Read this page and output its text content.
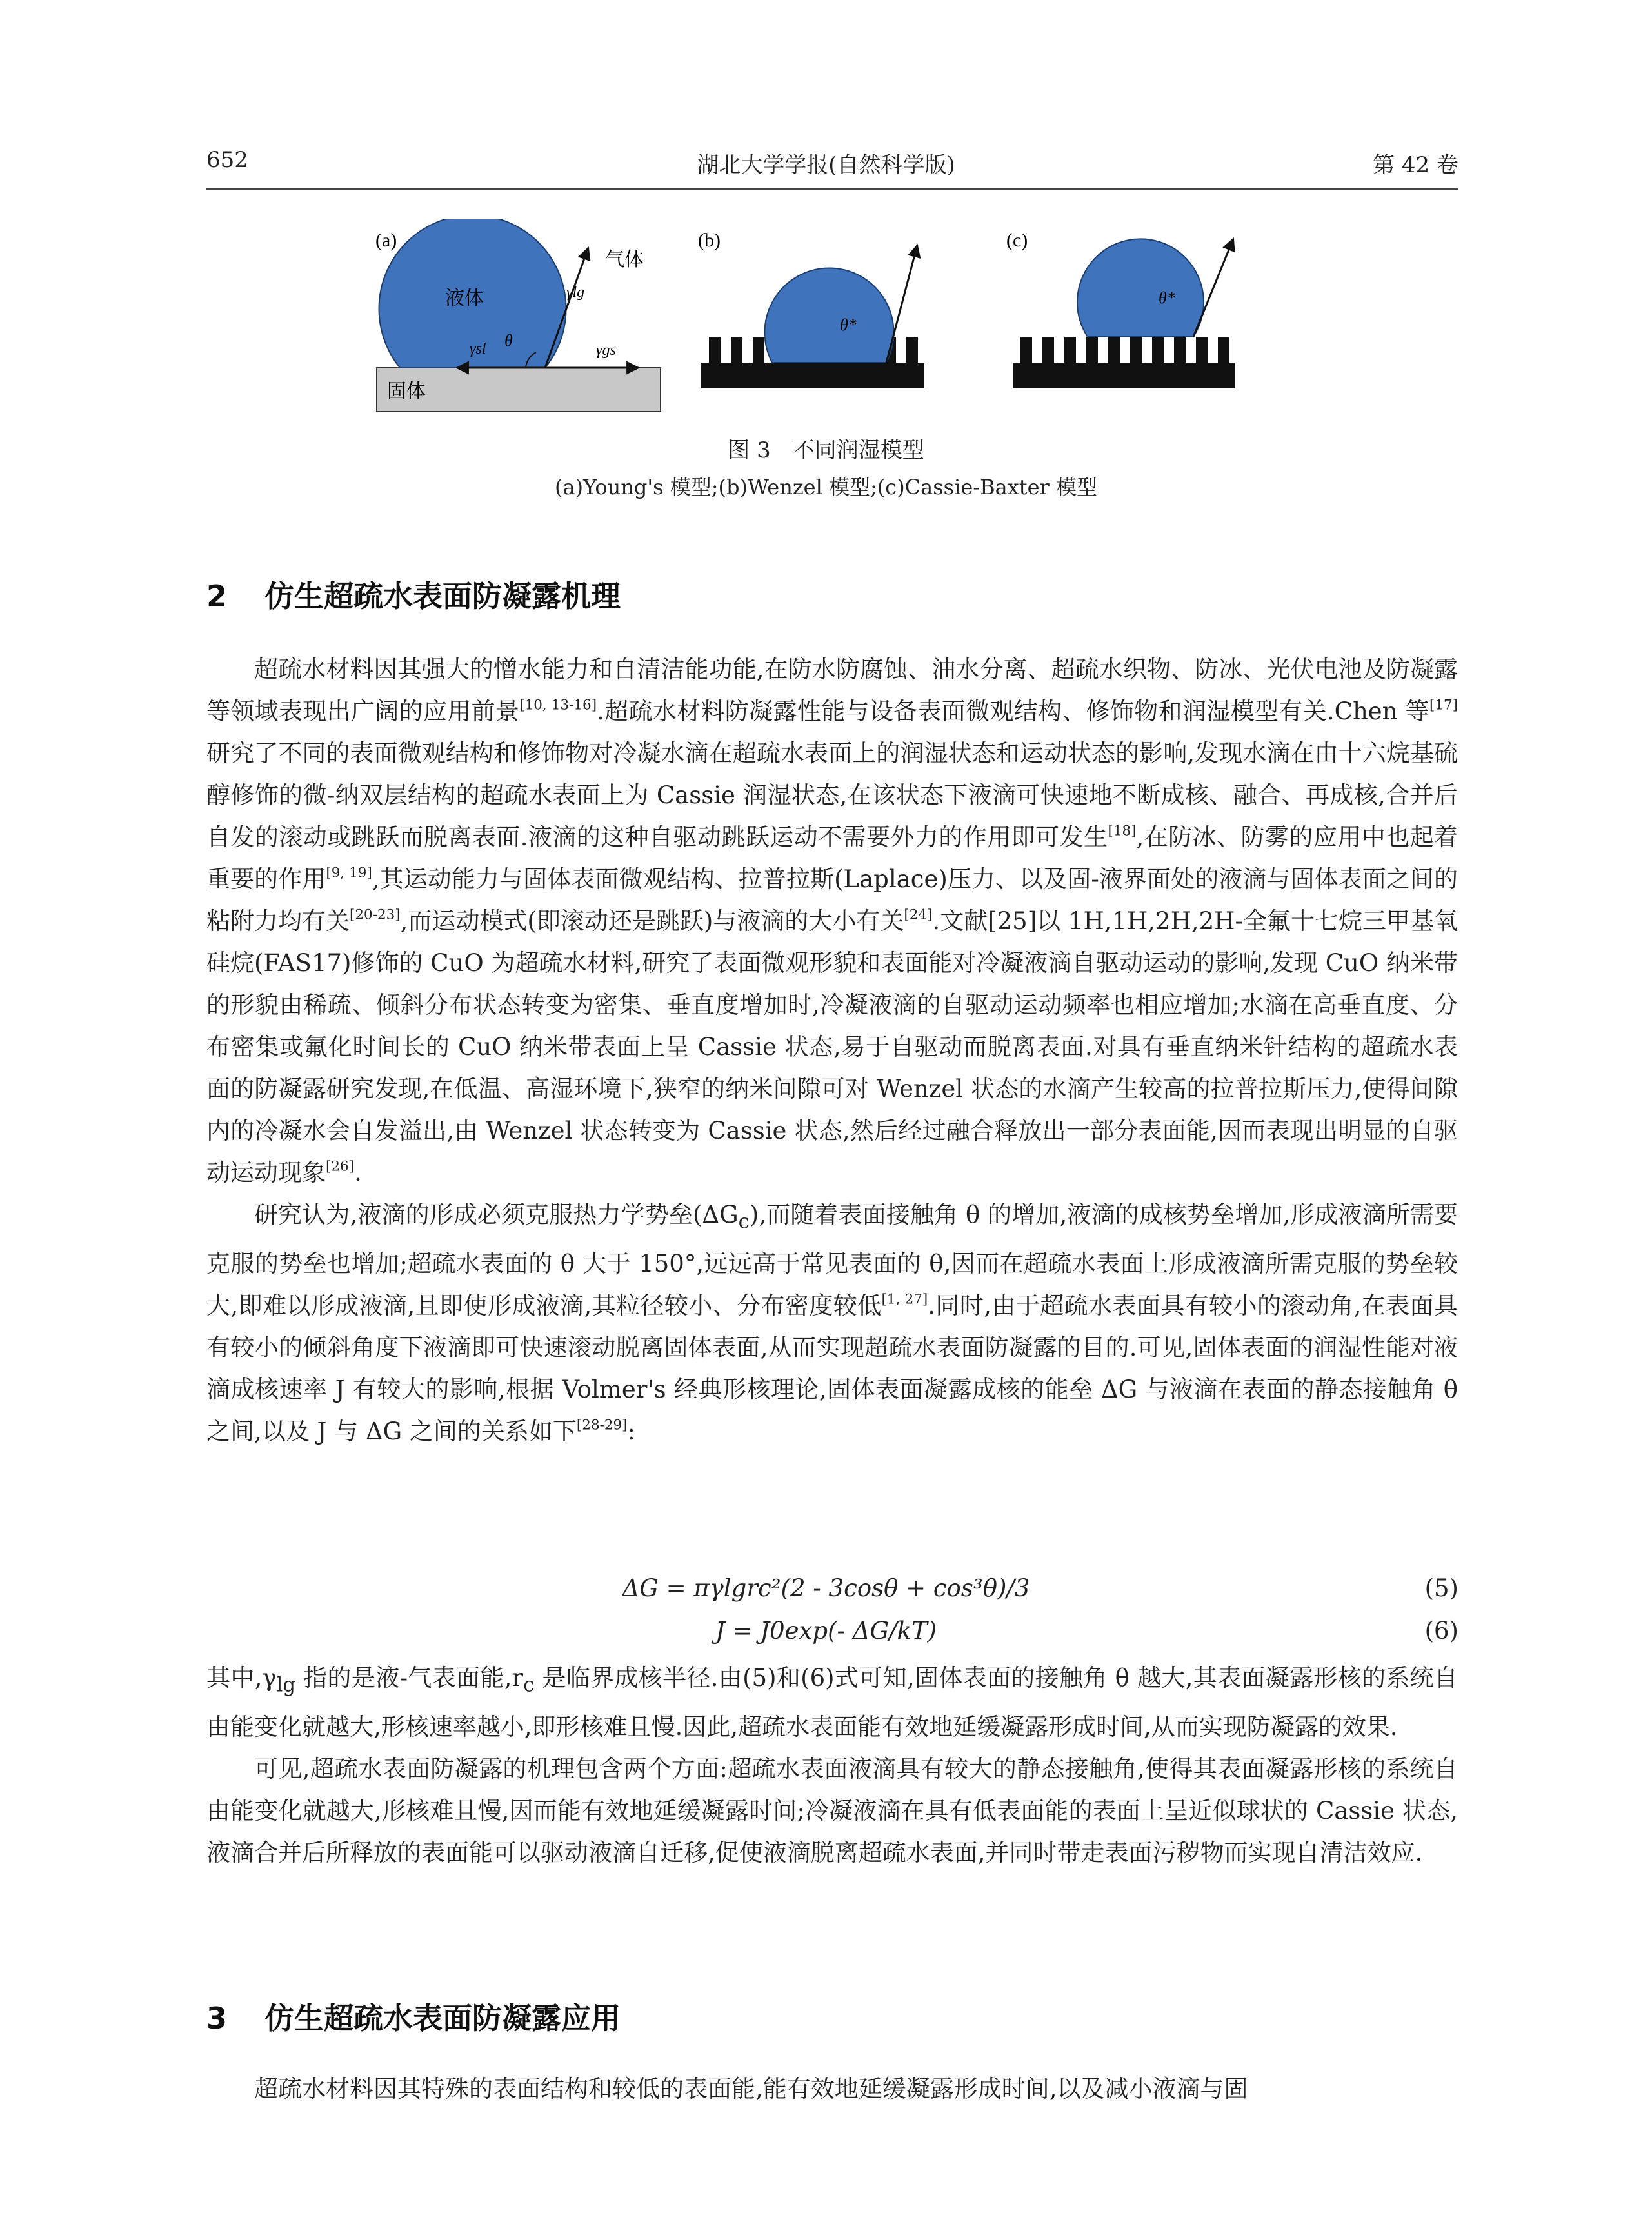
652	湖北大学学报(自然科学版)	第 42 卷
(a)
液体
气体
固体
γlg
γsl	γgs
θ
(b)
θ*
(c)
θ*
图 3　不同润湿模型
(a)Young's 模型;(b)Wenzel 模型;(c)Cassie-Baxter 模型
2 仿生超疏水表面防凝露机理

超疏水材料因其强大的憎水能力和自清洁能功能,在防水防腐蚀、油水分离、超疏水织物、防冰、光伏电池及防凝露等领域表现出广阔的应用前景[10, 13-16].超疏水材料防凝露性能与设备表面微观结构、修饰物和润湿模型有关.Chen 等[17]研究了不同的表面微观结构和修饰物对冷凝水滴在超疏水表面上的润湿状态和运动状态的影响,发现水滴在由十六烷基硫醇修饰的微-纳双层结构的超疏水表面上为 Cassie 润湿状态,在该状态下液滴可快速地不断成核、融合、再成核,合并后自发的滚动或跳跃而脱离表面.液滴的这种自驱动跳跃运动不需要外力的作用即可发生[18],在防冰、防雾的应用中也起着重要的作用[9, 19],其运动能力与固体表面微观结构、拉普拉斯(Laplace)压力、以及固-液界面处的液滴与固体表面之间的粘附力均有关[20-23],而运动模式(即滚动还是跳跃)与液滴的大小有关[24].文献[25]以 1H,1H,2H,2H-全氟十七烷三甲基氧硅烷(FAS17)修饰的 CuO 为超疏水材料,研究了表面微观形貌和表面能对冷凝液滴自驱动运动的影响,发现 CuO 纳米带的形貌由稀疏、倾斜分布状态转变为密集、垂直度增加时,冷凝液滴的自驱动运动频率也相应增加;水滴在高垂直度、分布密集或氟化时间长的 CuO 纳米带表面上呈 Cassie 状态,易于自驱动而脱离表面.对具有垂直纳米针结构的超疏水表面的防凝露研究发现,在低温、高湿环境下,狭窄的纳米间隙可对 Wenzel 状态的水滴产生较高的拉普拉斯压力,使得间隙内的冷凝水会自发溢出,由 Wenzel 状态转变为 Cassie 状态,然后经过融合释放出一部分表面能,因而表现出明显的自驱动运动现象[26].

研究认为,液滴的形成必须克服热力学势垒$(\Delta G_c)$,而随着表面接触角 θ 的增加,液滴的成核势垒增加,形成液滴所需要克服的势垒也增加;超疏水表面的 θ 大于 150°,远远高于常见表面的 θ,因而在超疏水表面上形成液滴所需克服的势垒较大,即难以形成液滴,且即使形成液滴,其粒径较小、分布密度较低[1, 27].同时,由于超疏水表面具有较小的滚动角,在表面具有较小的倾斜角度下液滴即可快速滚动脱离固体表面,从而实现超疏水表面防凝露的目的.可见,固体表面的润湿性能对液滴成核速率 J 有较大的影响,根据 Volmer's 经典形核理论,固体表面凝露成核的能垒 ΔG 与液滴在表面的静态接触角 θ 之间,以及 J 与 ΔG 之间的关系如下[28-29]:

ΔG = πγlgrc²(2 - 3cosθ + cos³θ)/3	(5)
J = J0exp(- ΔG/kT)	(6)

其中$,\gamma_{lg}$ 指的是液-气表面能$,r_c$ 是临界成核半径.由(5)和(6)式可知,固体表面的接触角 θ 越大,其表面凝露形核的系统自由能变化就越大,形核速率越小,即形核难且慢.因此,超疏水表面能有效地延缓凝露形成时间,从而实现防凝露的效果.

可见,超疏水表面防凝露的机理包含两个方面:超疏水表面液滴具有较大的静态接触角,使得其表面凝露形核的系统自由能变化就越大,形核难且慢,因而能有效地延缓凝露时间;冷凝液滴在具有低表面能的表面上呈近似球状的 Cassie 状态,液滴合并后所释放的表面能可以驱动液滴自迁移,促使液滴脱离超疏水表面,并同时带走表面污秽物而实现自清洁效应.

3 仿生超疏水表面防凝露应用

超疏水材料因其特殊的表面结构和较低的表面能,能有效地延缓凝露形成时间,以及减小液滴与固
